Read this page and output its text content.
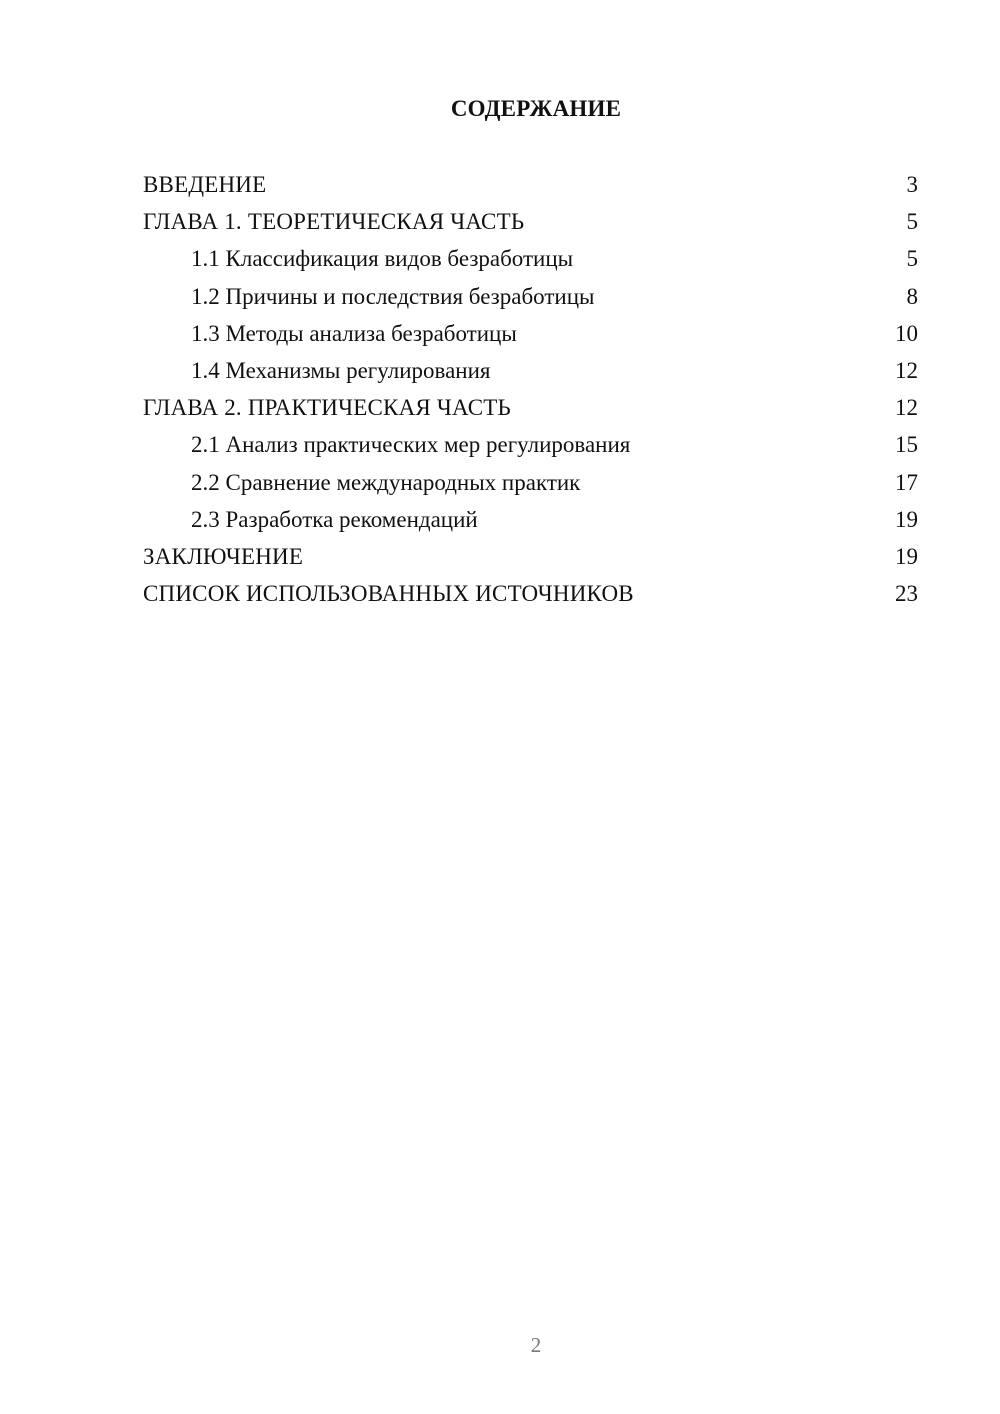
СОДЕРЖАНИЕ
ВВЕДЕНИЕ	3
ГЛАВА 1. ТЕОРЕТИЧЕСКАЯ ЧАСТЬ	5
1.1 Классификация видов безработицы	5
1.2 Причины и последствия безработицы	8
1.3 Методы анализа безработицы	10
1.4 Механизмы регулирования	12
ГЛАВА 2. ПРАКТИЧЕСКАЯ ЧАСТЬ	12
2.1 Анализ практических мер регулирования	15
2.2 Сравнение международных практик	17
2.3 Разработка рекомендаций	19
ЗАКЛЮЧЕНИЕ	19
СПИСОК ИСПОЛЬЗОВАННЫХ ИСТОЧНИКОВ	23
2
